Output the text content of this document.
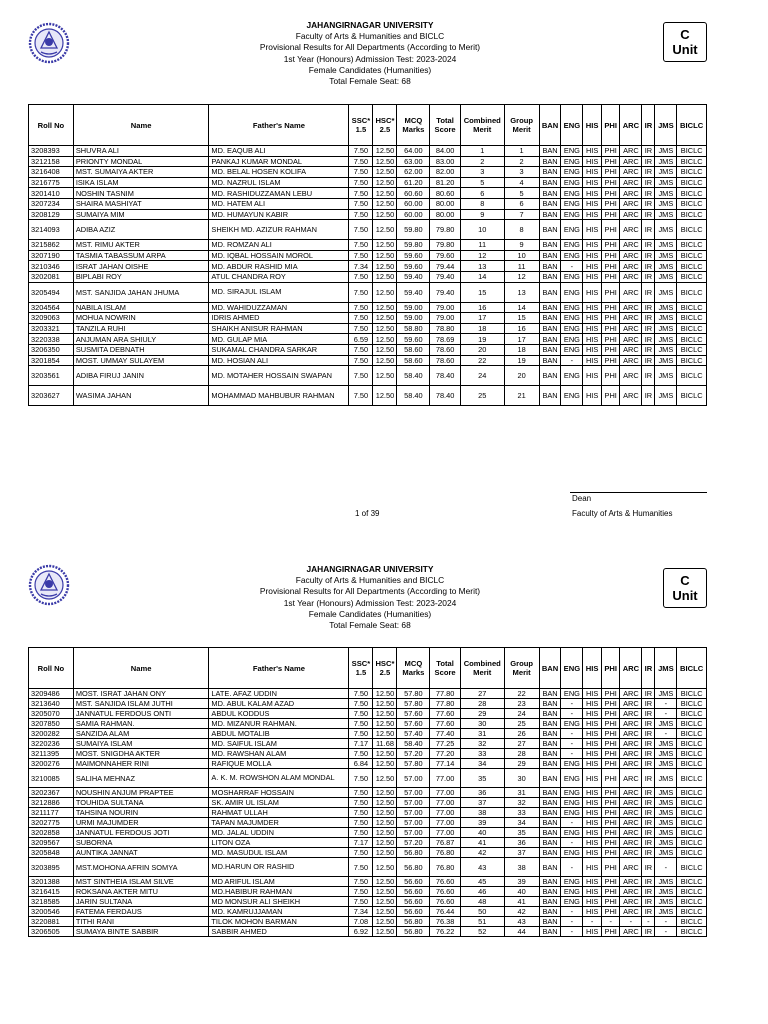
JAHANGIRNAGAR UNIVERSITY
Faculty of Arts & Humanities and BICLC
Provisional Results for All Departments (According to Merit)
1st Year (Honours) Admission Test: 2023-2024
Female Candidates (Humanities)
Total Female Seat: 68
C
Unit
Roll No	Name	Father's Name	SSC* 1.5	HSC* 2.5	MCQ Marks	Total Score	Combined Merit	Group Merit	BAN	ENG	HIS	PHI	ARC	IR	JMS	BICLC
3208393	SHUVRA ALI	MD. EAQUB ALI	7.50	12.50	64.00	84.00	1	1	BAN	ENG	HIS	PHI	ARC	IR	JMS	BICLC
3212158	PRIONTY MONDAL	PANKAJ KUMAR MONDAL	7.50	12.50	63.00	83.00	2	2	BAN	ENG	HIS	PHI	ARC	IR	JMS	BICLC
3216408	MST. SUMAIYA AKTER	MD. BELAL HOSEN KOLIFA	7.50	12.50	62.00	82.00	3	3	BAN	ENG	HIS	PHI	ARC	IR	JMS	BICLC
3216775	ISIKA ISLAM	MD. NAZRUL ISLAM	7.50	12.50	61.20	81.20	5	4	BAN	ENG	HIS	PHI	ARC	IR	JMS	BICLC
3201410	NOSHIN TASNIM	MD. RASHIDUZZAMAN LEBU	7.50	12.50	60.60	80.60	6	5	BAN	ENG	HIS	PHI	ARC	IR	JMS	BICLC
3207234	SHAIRA MASHIYAT	MD. HATEM ALI	7.50	12.50	60.00	80.00	8	6	BAN	ENG	HIS	PHI	ARC	IR	JMS	BICLC
3208129	SUMAIYA MIM	MD. HUMAYUN KABIR	7.50	12.50	60.00	80.00	9	7	BAN	ENG	HIS	PHI	ARC	IR	JMS	BICLC
3214093	ADIBA AZIZ	SHEIKH MD. AZIZUR RAHMAN	7.50	12.50	59.80	79.80	10	8	BAN	ENG	HIS	PHI	ARC	IR	JMS	BICLC
3215862	MST. RIMU AKTER	MD. ROMZAN ALI	7.50	12.50	59.80	79.80	11	9	BAN	ENG	HIS	PHI	ARC	IR	JMS	BICLC
3207190	TASMIA TABASSUM ARPA	MD. IQBAL HOSSAIN MOROL	7.50	12.50	59.60	79.60	12	10	BAN	ENG	HIS	PHI	ARC	IR	JMS	BICLC
3210346	ISRAT JAHAN OISHE	MD. ABDUR RASHID MIA	7.34	12.50	59.60	79.44	13	11	BAN	-	HIS	PHI	ARC	IR	JMS	BICLC
3202081	BIPLABI ROY	ATUL CHANDRA ROY	7.50	12.50	59.40	79.40	14	12	BAN	ENG	HIS	PHI	ARC	IR	JMS	BICLC
3205494	MST. SANJIDA JAHAN JHUMA	MD. SIRAJUL ISLAM	7.50	12.50	59.40	79.40	15	13	BAN	ENG	HIS	PHI	ARC	IR	JMS	BICLC
3204564	NABILA ISLAM	MD. WAHIDUZZAMAN	7.50	12.50	59.00	79.00	16	14	BAN	ENG	HIS	PHI	ARC	IR	JMS	BICLC
3209063	MOHUA NOWRIN	IDRIS AHMED	7.50	12.50	59.00	79.00	17	15	BAN	ENG	HIS	PHI	ARC	IR	JMS	BICLC
3203321	TANZILA RUHI	SHAIKH ANISUR RAHMAN	7.50	12.50	58.80	78.80	18	16	BAN	ENG	HIS	PHI	ARC	IR	JMS	BICLC
3220338	ANJUMAN ARA SHIULY	MD. GULAP MIA	6.59	12.50	59.60	78.69	19	17	BAN	ENG	HIS	PHI	ARC	IR	JMS	BICLC
3206350	SUSMITA DEBNATH	SUKAMAL CHANDRA SARKAR	7.50	12.50	58.60	78.60	20	18	BAN	ENG	HIS	PHI	ARC	IR	JMS	BICLC
3201854	MOST. UMMAY SULAYEM	MD. HOSIAN ALI	7.50	12.50	58.60	78.60	22	19	BAN	-	HIS	PHI	ARC	IR	JMS	BICLC
3203561	ADIBA FIRUJ JANIN	MD. MOTAHER HOSSAIN SWAPAN	7.50	12.50	58.40	78.40	24	20	BAN	ENG	HIS	PHI	ARC	IR	JMS	BICLC
3203627	WASIMA JAHAN	MOHAMMAD MAHBUBUR RAHMAN	7.50	12.50	58.40	78.40	25	21	BAN	ENG	HIS	PHI	ARC	IR	JMS	BICLC
Dean
Faculty of Arts & Humanities
1 of 39
JAHANGIRNAGAR UNIVERSITY
Faculty of Arts & Humanities and BICLC
Provisional Results for All Departments (According to Merit)
1st Year (Honours) Admission Test: 2023-2024
Female Candidates (Humanities)
Total Female Seat: 68
C
Unit
Roll No	Name	Father's Name	SSC* 1.5	HSC* 2.5	MCQ Marks	Total Score	Combined Merit	Group Merit	BAN	ENG	HIS	PHI	ARC	IR	JMS	BICLC
3209486	MOST. ISRAT JAHAN ONY	LATE. AFAZ UDDIN	7.50	12.50	57.80	77.80	27	22	BAN	ENG	HIS	PHI	ARC	IR	JMS	BICLC
3213640	MST. SANJIDA ISLAM JUTHI	MD. ABUL KALAM AZAD	7.50	12.50	57.80	77.80	28	23	BAN	-	HIS	PHI	ARC	IR	-	BICLC
3205070	JANNATUL FERDOUS ONTI	ABDUL KODDUS	7.50	12.50	57.60	77.60	29	24	BAN	-	HIS	PHI	ARC	IR	-	BICLC
3207850	SAMIA RAHMAN.	MD. MIZANUR RAHMAN.	7.50	12.50	57.60	77.60	30	25	BAN	ENG	HIS	PHI	ARC	IR	JMS	BICLC
3200282	SANZIDA ALAM	ABDUL MOTALIB	7.50	12.50	57.40	77.40	31	26	BAN	-	HIS	PHI	ARC	IR	-	BICLC
3220236	SUMAIYA ISLAM	MD. SAIFUL ISLAM	7.17	11.68	58.40	77.25	32	27	BAN	-	HIS	PHI	ARC	IR	JMS	BICLC
3211395	MOST. SNIGDHA AKTER	MD. RAWSHAN ALAM	7.50	12.50	57.20	77.20	33	28	BAN	-	HIS	PHI	ARC	IR	JMS	BICLC
3200276	MAIMONNAHER RINI	RAFIQUE MOLLA	6.84	12.50	57.80	77.14	34	29	BAN	ENG	HIS	PHI	ARC	IR	JMS	BICLC
3210085	SALIHA MEHNAZ	A. K. M. ROWSHON ALAM MONDAL	7.50	12.50	57.00	77.00	35	30	BAN	ENG	HIS	PHI	ARC	IR	JMS	BICLC
3202367	NOUSHIN ANJUM PRAPTEE	MOSHARRAF HOSSAIN	7.50	12.50	57.00	77.00	36	31	BAN	ENG	HIS	PHI	ARC	IR	JMS	BICLC
3212886	TOUHIDA SULTANA	SK. AMIR UL ISLAM	7.50	12.50	57.00	77.00	37	32	BAN	ENG	HIS	PHI	ARC	IR	JMS	BICLC
3211177	TAHSINA NOURIN	RAHMAT ULLAH	7.50	12.50	57.00	77.00	38	33	BAN	ENG	HIS	PHI	ARC	IR	JMS	BICLC
3202775	URMI MAJUMDER	TAPAN MAJUMDER	7.50	12.50	57.00	77.00	39	34	BAN	-	HIS	PHI	ARC	IR	JMS	BICLC
3202858	JANNATUL FERDOUS JOTI	MD. JALAL UDDIN	7.50	12.50	57.00	77.00	40	35	BAN	ENG	HIS	PHI	ARC	IR	JMS	BICLC
3209567	SUBORNA	LITON OZA	7.17	12.50	57.20	76.87	41	36	BAN	-	HIS	PHI	ARC	IR	JMS	BICLC
3205848	AUNTIKA JANNAT	MD. MASUDUL ISLAM	7.50	12.50	56.80	76.80	42	37	BAN	ENG	HIS	PHI	ARC	IR	JMS	BICLC
3203895	MST.MOHONA AFRIN SOMYA	MD.HARUN OR RASHID	7.50	12.50	56.80	76.80	43	38	BAN	-	HIS	PHI	ARC	IR	-	BICLC
3201388	MST SINTHEIA ISLAM SILVE	MD ARIFUL ISLAM	7.50	12.50	56.60	76.60	45	39	BAN	ENG	HIS	PHI	ARC	IR	JMS	BICLC
3216415	ROKSANA AKTER MITU	MD.HABIBUR RAHMAN	7.50	12.50	56.60	76.60	46	40	BAN	ENG	HIS	PHI	ARC	IR	JMS	BICLC
3218585	JARIN SULTANA	MD MONSUR ALI SHEIKH	7.50	12.50	56.60	76.60	48	41	BAN	ENG	HIS	PHI	ARC	IR	JMS	BICLC
3200546	FATEMA FERDAUS	MD. KAMRUJJAMAN	7.34	12.50	56.60	76.44	50	42	BAN	-	HIS	PHI	ARC	IR	JMS	BICLC
3220881	TITHI RANI	TILOK MOHON BARMAN	7.08	12.50	56.80	76.38	51	43	BAN	-	-	-	-	-	-	BICLC
3206505	SUMAYA BINTE SABBIR	SABBIR AHMED	6.92	12.50	56.80	76.22	52	44	BAN	-	HIS	PHI	ARC	IR	-	BICLC
